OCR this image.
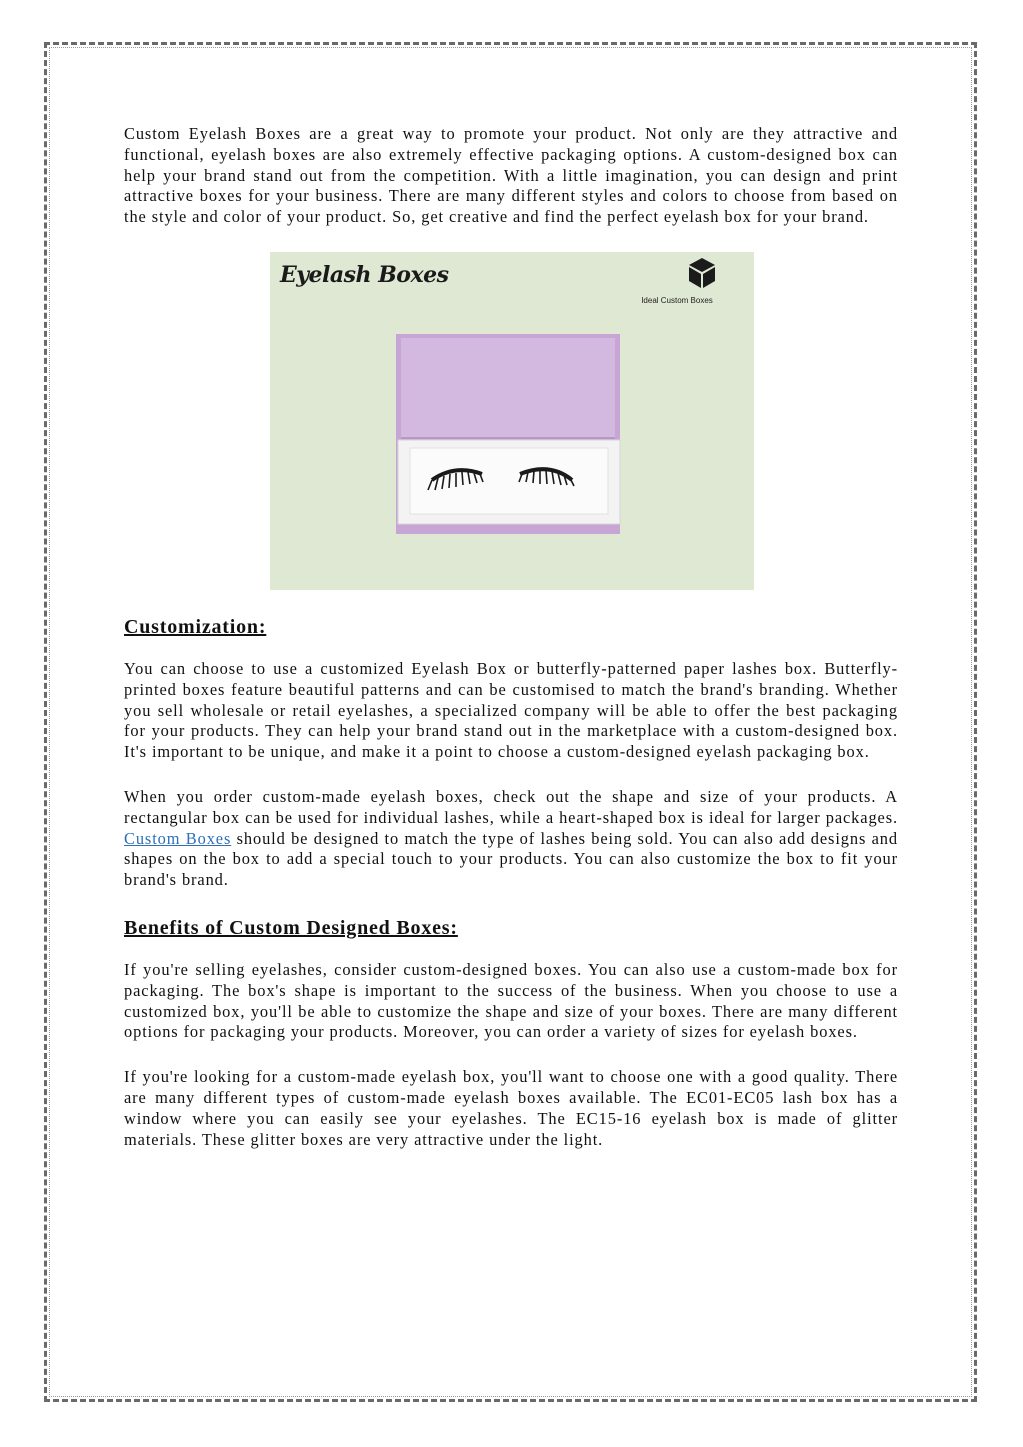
Custom Eyelash Boxes are a great way to promote your product. Not only are they attractive and functional, eyelash boxes are also extremely effective packaging options. A custom-designed box can help your brand stand out from the competition. With a little imagination, you can design and print attractive boxes for your business. There are many different styles and colors to choose from based on the style and color of your product. So, get creative and find the perfect eyelash box for your brand.

Eyelash Boxes
Ideal Custom Boxes
Customization:

You can choose to use a customized Eyelash Box or butterfly-patterned paper lashes box. Butterfly-printed boxes feature beautiful patterns and can be customised to match the brand's branding. Whether you sell wholesale or retail eyelashes, a specialized company will be able to offer the best packaging for your products. They can help your brand stand out in the marketplace with a custom-designed box. It's important to be unique, and make it a point to choose a custom-designed eyelash packaging box.

When you order custom-made eyelash boxes, check out the shape and size of your products. A rectangular box can be used for individual lashes, while a heart-shaped box is ideal for larger packages. Custom Boxes should be designed to match the type of lashes being sold. You can also add designs and shapes on the box to add a special touch to your products. You can also customize the box to fit your brand's brand.

Benefits of Custom Designed Boxes:

If you're selling eyelashes, consider custom-designed boxes. You can also use a custom-made box for packaging. The box's shape is important to the success of the business. When you choose to use a customized box, you'll be able to customize the shape and size of your boxes. There are many different options for packaging your products. Moreover, you can order a variety of sizes for eyelash boxes.

If you're looking for a custom-made eyelash box, you'll want to choose one with a good quality. There are many different types of custom-made eyelash boxes available. The EC01-EC05 lash box has a window where you can easily see your eyelashes. The EC15-16 eyelash box is made of glitter materials. These glitter boxes are very attractive under the light.
